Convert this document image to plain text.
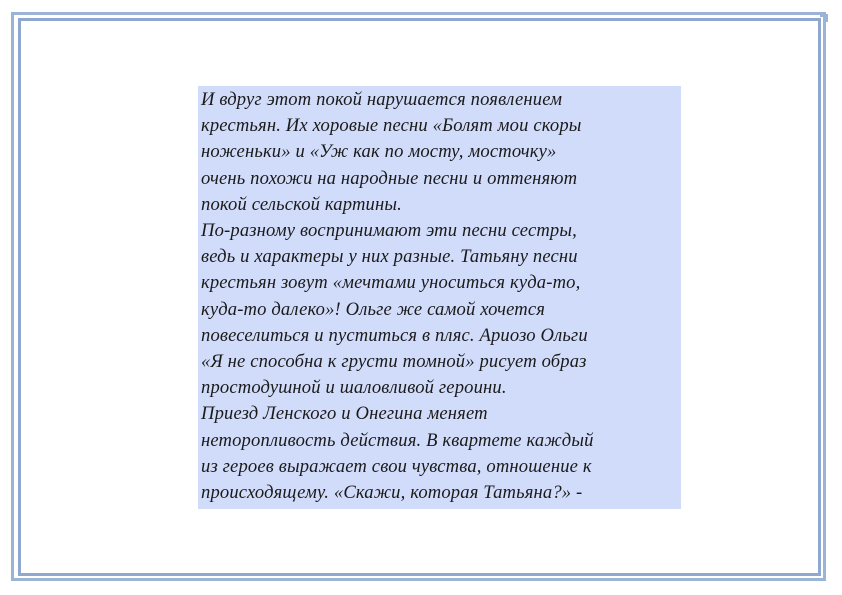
И вдруг этот покой нарушается появлением
крестьян. Их хоровые песни «Болят мои скоры
ноженьки» и «Уж как по мосту, мосточку»
очень похожи на народные песни и оттеняют
покой сельской картины.
По-разному воспринимают эти песни сестры,
ведь и характеры у них разные. Татьяну песни
крестьян зовут «мечтами уноситься куда-то,
куда-то далеко»! Ольге же самой хочется
повеселиться и пуститься в пляс. Ариозо Ольги
«Я не способна к грусти томной» рисует образ
простодушной и шаловливой героини.
Приезд Ленского и Онегина меняет
неторопливость действия. В квартете каждый
из героев выражает свои чувства, отношение к
происходящему. «Скажи, которая Татьяна?» -
